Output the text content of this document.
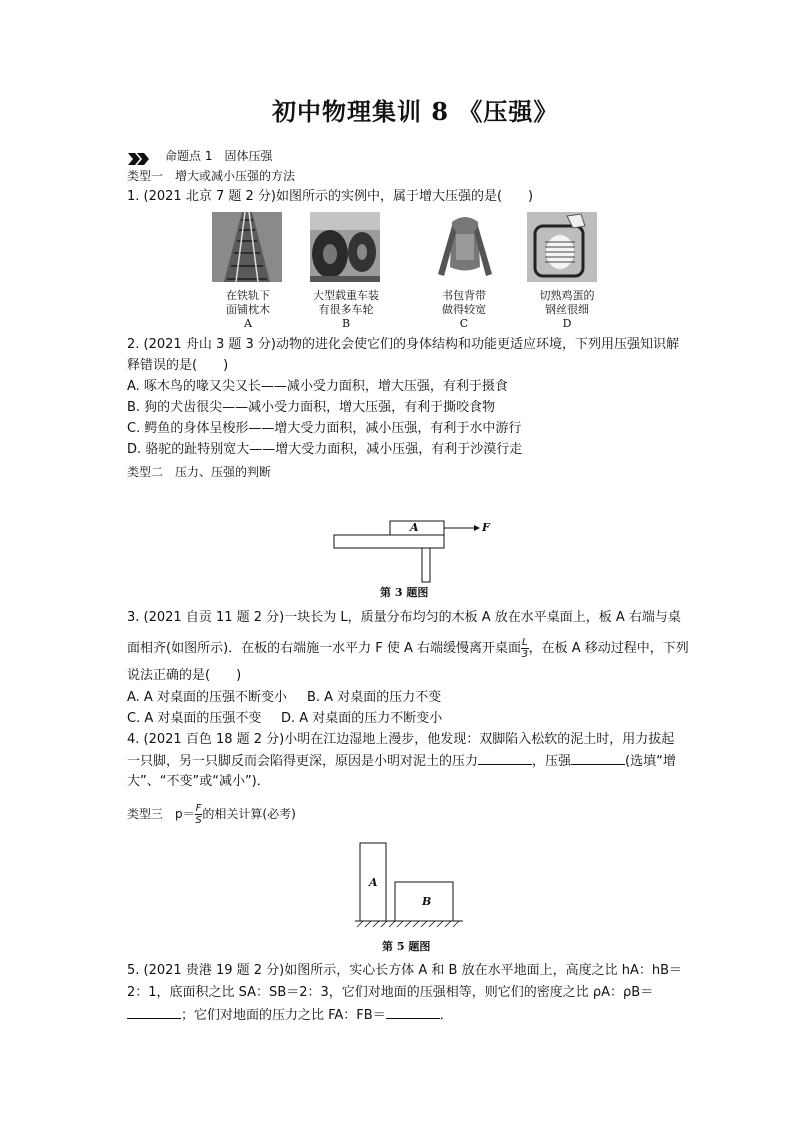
初中物理集训 8 《压强》
命题点 1　固体压强
类型一　增大或减小压强的方法
1. (2021 北京 7 题 2 分)如图所示的实例中，属于增大压强的是(　　)
在铁轨下
面铺枕木
A
大型载重车装
有很多车轮
B
书包背带
做得较宽
C
切熟鸡蛋的
钢丝很细
D
2. (2021 舟山 3 题 3 分)动物的进化会使它们的身体结构和功能更适应环境，下列用压强知识解
释错误的是(　　)
A. 啄木鸟的喙又尖又长——减小受力面积，增大压强，有利于摄食
B. 狗的犬齿很尖——减小受力面积，增大压强，有利于撕咬食物
C. 鳄鱼的身体呈梭形——增大受力面积，减小压强，有利于水中游行
D. 骆驼的趾特别宽大——增大受力面积，减小压强，有利于沙漠行走
类型二　压力、压强的判断
A	F
第 3 题图
3. (2021 自贡 11 题 2 分)一块长为 L，质量分布均匀的木板 A 放在水平桌面上，板 A 右端与桌
面相齐(如图所示)．在板的右端施一水平力 F 使 A 右端缓慢离开桌面 $\frac{L}{3}$ ，在板 A 移动过程中，下列
说法正确的是(　　)
A. A 对桌面的压强不断变小 B. A 对桌面的压力不变
C. A 对桌面的压强不变 D. A 对桌面的压力不断变小
4. (2021 百色 18 题 2 分)小明在江边湿地上漫步，他发现：双脚陷入松软的泥土时，用力拔起
一只脚，另一只脚反而会陷得更深，原因是小明对泥土的压力	，压强	(选填“增
大”、“不变”或“减小”)．
类型三　$p= \frac{F}{S}$ 的相关计算(必考)
A
B
第 5 题图
5. (2021 贵港 19 题 2 分)如图所示，实心长方体 A 和 B 放在水平地面上，高度之比 hA：hB＝
2：1，底面积之比 SA：SB＝2：3，它们对地面的压强相等，则它们的密度之比 ρA：ρB＝
；它们对地面的压力之比 FA：FB＝	．
